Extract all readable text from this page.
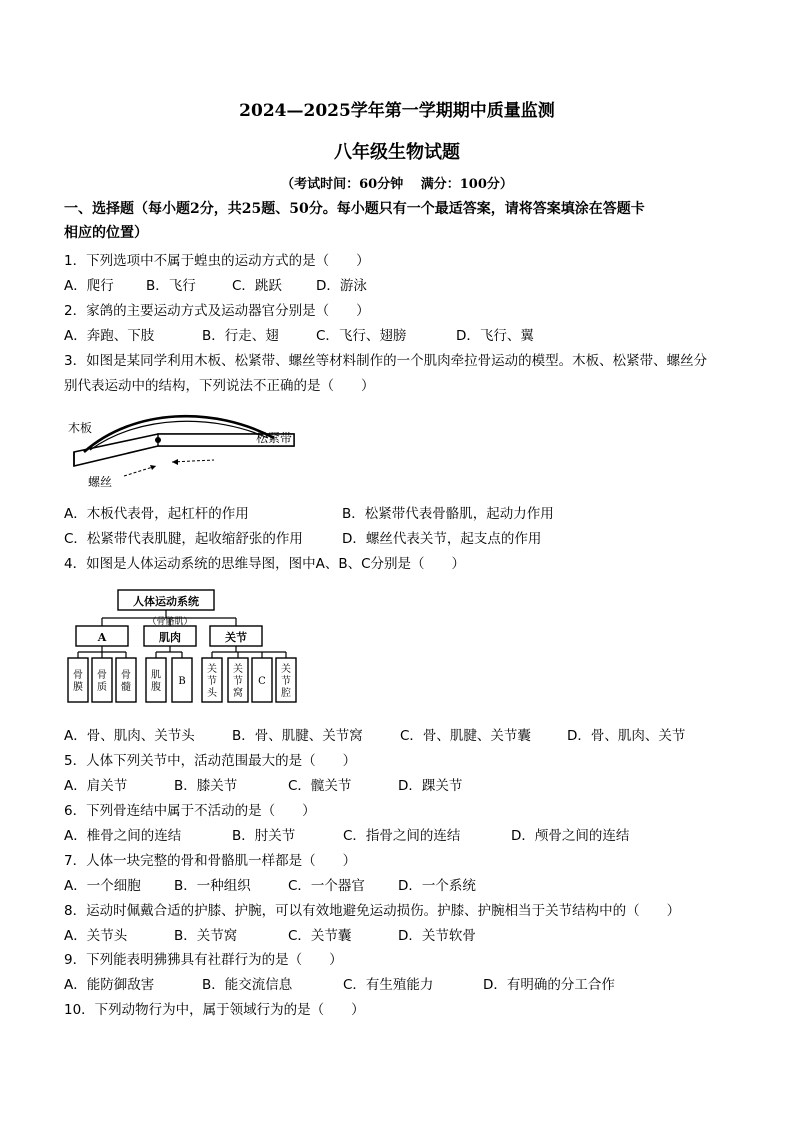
2024—2025学年第一学期期中质量监测
八年级生物试题
（考试时间：60分钟　 满分：100分）
一、选择题（每小题2分，共25题、50分。每小题只有一个最适答案，请将答案填涂在答题卡
相应的位置）
1．下列选项中不属于蝗虫的运动方式的是（　　）
A．爬行 B．飞行	C．跳跃	D．游泳
2．家鸽的主要运动方式及运动器官分别是（　　）
A．奔跑、下肢	B．行走、翅	C．飞行、翅膀	D．飞行、翼
3．如图是某同学利用木板、松紧带、螺丝等材料制作的一个肌肉牵拉骨运动的模型。木板、松紧带、螺丝分
别代表运动中的结构，下列说法不正确的是（　　）
木板
松紧带
螺丝
A．木板代表骨，起杠杆的作用	B．松紧带代表骨骼肌，起动力作用
C．松紧带代表肌腱，起收缩舒张的作用	D．螺丝代表关节，起支点的作用
4．如图是人体运动系统的思维导图，图中A、B、C分别是（　　）
人体运动系统
A
（骨骼肌）
肌肉	关节
骨膜
骨质
骨髓
肌腹
B
关节头
关节窝
C
关节腔
A．骨、肌肉、关节头	B．骨、肌腱、关节窝	C．骨、肌腱、关节囊	D．骨、肌肉、关节
5．人体下列关节中，活动范围最大的是（　　）
A．肩关节	B．膝关节	C．髋关节	D．踝关节
6．下列骨连结中属于不活动的是（　　）
A．椎骨之间的连结	B．肘关节	C．指骨之间的连结	D．颅骨之间的连结
7．人体一块完整的骨和骨骼肌一样都是（　　）
A．一个细胞 B．一种组织	C．一个器官 D．一个系统
8．运动时佩戴合适的护膝、护腕，可以有效地避免运动损伤。护膝、护腕相当于关节结构中的（　　）
A．关节头	B．关节窝	C．关节囊	D．关节软骨
9．下列能表明狒狒具有社群行为的是（　　）
A．能防御敌害	B．能交流信息	C．有生殖能力	D．有明确的分工合作
10．下列动物行为中，属于领域行为的是（　　）
